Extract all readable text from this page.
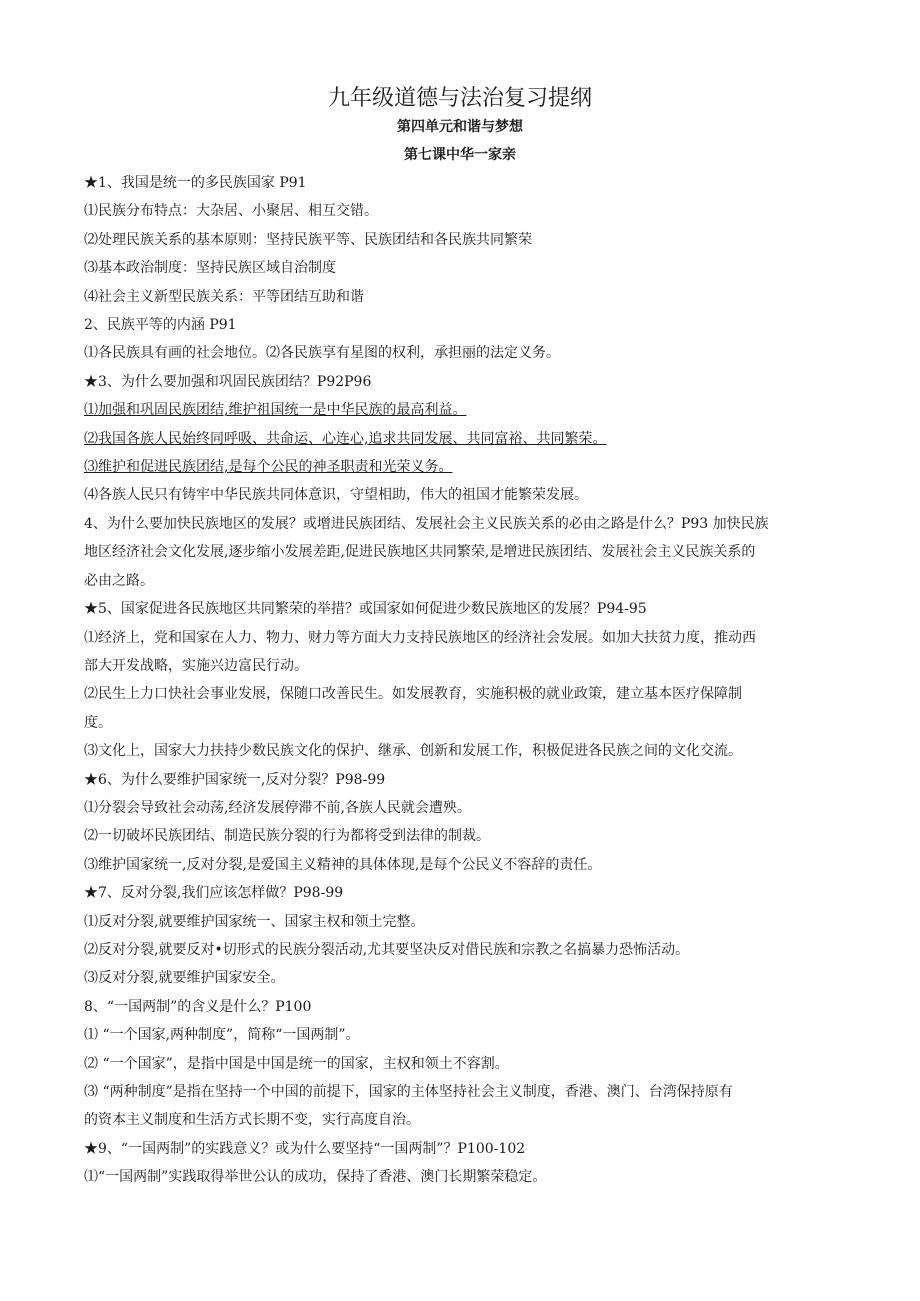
九年级道德与法治复习提纲
第四单元和谐与梦想
第七课中华一家亲

★1、我国是统一的多民族国家 P91

⑴民族分布特点：大杂居、小聚居、相互交错。

⑵处理民族关系的基本原则：坚持民族平等、民族团结和各民族共同繁荣

⑶基本政治制度：坚持民族区域自治制度

⑷社会主义新型民族关系：平等团结互助和谐

2、民族平等的内涵 P91

⑴各民族具有画的社会地位。⑵各民族享有星图的权利，承担丽的法定义务。

★3、为什么要加强和巩固民族团结？P92P96

⑴加强和巩固民族团结,维护祖国统一是中华民族的最高利益。

⑵我国各族人民始终同呼吸、共命运、心连心,追求共同发展、共同富裕、共同繁荣。

⑶维护和促进民族团结,是每个公民的神圣职责和光荣义务。

⑷各族人民只有铸牢中华民族共同体意识，守望相助，伟大的祖国才能繁荣发展。

4、为什么要加快民族地区的发展？或增进民族团结、发展社会主义民族关系的必由之路是什么？P93 加快民族

地区经济社会文化发展,逐步缩小发展差距,促进民族地区共同繁荣,是增进民族团结、发展社会主义民族关系的

必由之路。

★5、国家促进各民族地区共同繁荣的举措？或国家如何促进少数民族地区的发展？P94-95

⑴经济上，党和国家在人力、物力、财力等方面大力支持民族地区的经济社会发展。如加大扶贫力度，推动西

部大开发战略，实施兴边富民行动。

⑵民生上力口快社会事业发展，保随口改善民生。如发展教育，实施积极的就业政策，建立基本医疗保障制

度。

⑶文化上，国家大力扶持少数民族文化的保护、继承、创新和发展工作，积极促进各民族之间的文化交流。

★6、为什么要维护国家统一,反对分裂？P98-99

⑴分裂会导致社会动荡,经济发展停滞不前,各族人民就会遭殃。

⑵一切破坏民族团结、制造民族分裂的行为都将受到法律的制裁。

⑶维护国家统一,反对分裂,是爱国主义精神的具体体现,是每个公民义不容辞的责任。

★7、反对分裂,我们应该怎样做？P98-99

⑴反对分裂,就要维护国家统一、国家主权和领土完整。

⑵反对分裂,就要反对•切形式的民族分裂活动,尤其要坚决反对借民族和宗教之名搞暴力恐怖活动。

⑶反对分裂,就要维护国家安全。

8、“一国两制”的含义是什么？P100

⑴ “一个国家,两种制度”，简称“一国两制”。

⑵ “一个国家”，是指中国是中国是统一的国家，主权和领土不容割。

⑶ “两种制度”是指在坚持一个中国的前提下，国家的主体坚持社会主义制度，香港、澳门、台湾保持原有

的资本主义制度和生活方式长期不变，实行高度自治。

★9、“一国两制”的实践意义？或为什么要坚持“一国两制”？P100-102

⑴“一国两制”实践取得举世公认的成功，保持了香港、澳门长期繁荣稳定。
